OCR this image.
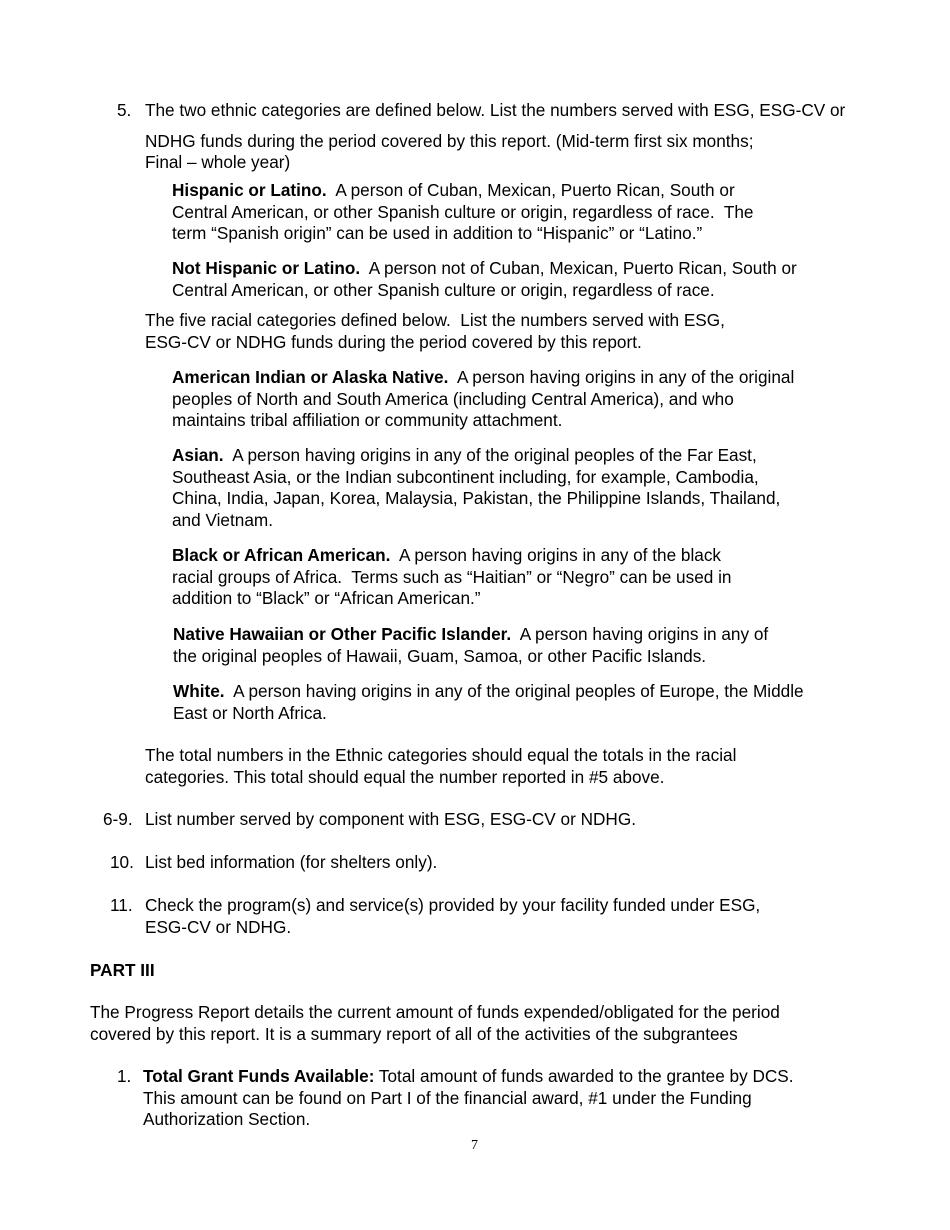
5. The two ethnic categories are defined below. List the numbers served with ESG, ESG-CV or
NDHG funds during the period covered by this report. (Mid-term first six months;
Final – whole year)
Hispanic or Latino.  A person of Cuban, Mexican, Puerto Rican, South or
Central American, or other Spanish culture or origin, regardless of race.  The
term “Spanish origin” can be used in addition to “Hispanic” or “Latino.”
Not Hispanic or Latino.  A person not of Cuban, Mexican, Puerto Rican, South or
Central American, or other Spanish culture or origin, regardless of race.
The five racial categories defined below.  List the numbers served with ESG,
ESG-CV or NDHG funds during the period covered by this report.
American Indian or Alaska Native.  A person having origins in any of the original
peoples of North and South America (including Central America), and who
maintains tribal affiliation or community attachment.
Asian.  A person having origins in any of the original peoples of the Far East,
Southeast Asia, or the Indian subcontinent including, for example, Cambodia,
China, India, Japan, Korea, Malaysia, Pakistan, the Philippine Islands, Thailand,
and Vietnam.
Black or African American.  A person having origins in any of the black
racial groups of Africa.  Terms such as “Haitian” or “Negro” can be used in
addition to “Black” or “African American.”
Native Hawaiian or Other Pacific Islander.  A person having origins in any of
the original peoples of Hawaii, Guam, Samoa, or other Pacific Islands.
White.  A person having origins in any of the original peoples of Europe, the Middle
East or North Africa.
The total numbers in the Ethnic categories should equal the totals in the racial
categories. This total should equal the number reported in #5 above.
6-9. List number served by component with ESG, ESG-CV or NDHG.
10. List bed information (for shelters only).
11. Check the program(s) and service(s) provided by your facility funded under ESG,
ESG-CV or NDHG.
PART III
The Progress Report details the current amount of funds expended/obligated for the period
covered by this report. It is a summary report of all of the activities of the subgrantees
1. Total Grant Funds Available: Total amount of funds awarded to the grantee by DCS.
This amount can be found on Part I of the financial award, #1 under the Funding
Authorization Section.
7
